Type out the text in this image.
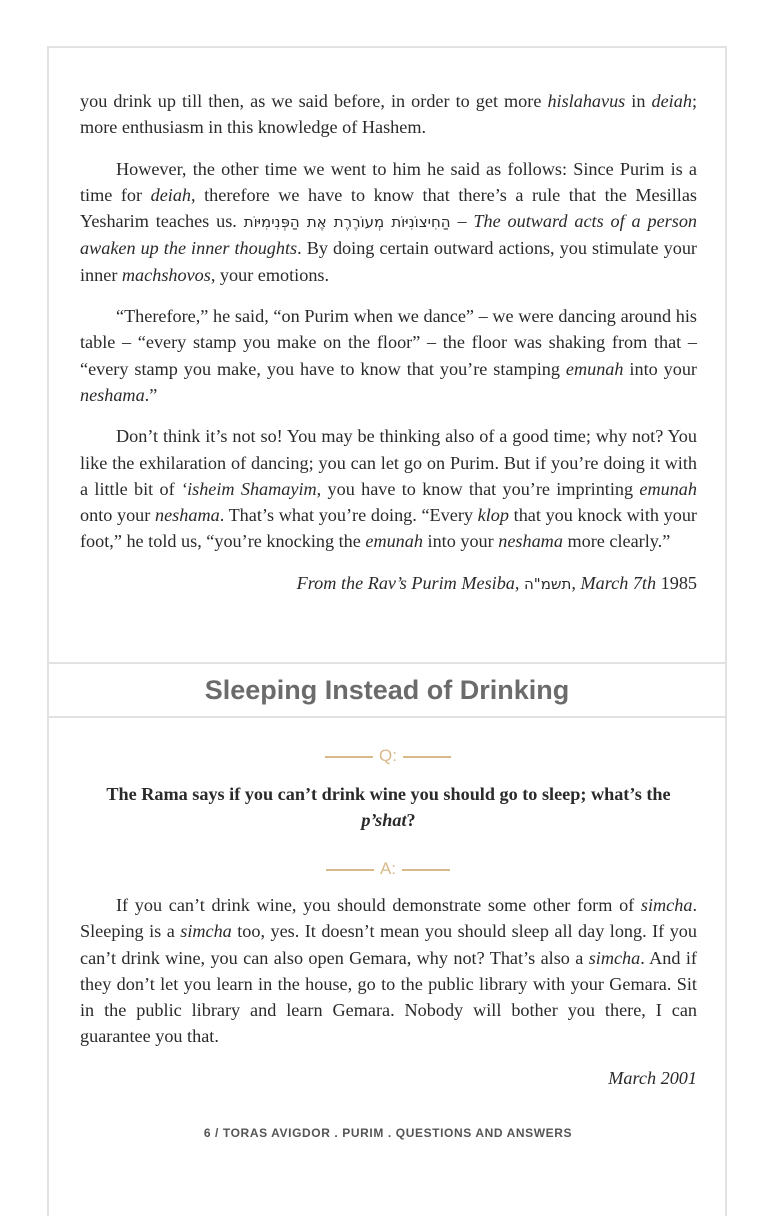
you drink up till then, as we said before, in order to get more hislahavus in deiah; more enthusiasm in this knowledge of Hashem.

However, the other time we went to him he said as follows: Since Purim is a time for deiah, therefore we have to know that there’s a rule that the Mesillas Yesharim teaches us. הַחִיצוֹנִיּוֹת מְעוֹרֶרֶת אֶת הַפְּנִימִיּוֹת – The outward acts of a person awaken up the inner thoughts. By doing certain outward actions, you stimulate your inner machshovos, your emotions.

“Therefore,” he said, “on Purim when we dance” – we were dancing around his table – “every stamp you make on the floor” – the floor was shaking from that – “every stamp you make, you have to know that you’re stamping emunah into your neshama.”

Don’t think it’s not so! You may be thinking also of a good time; why not? You like the exhilaration of dancing; you can let go on Purim. But if you’re doing it with a little bit of ‘isheim Shamayim, you have to know that you’re imprinting emunah onto your neshama. That’s what you’re doing. “Every klop that you knock with your foot,” he told us, “you’re knocking the emunah into your neshama more clearly.”

From the Rav’s Purim Mesiba, תשמ"ה, March 7th 1985

Sleeping Instead of Drinking
Q:
The Rama says if you can’t drink wine you should go to sleep; what’s the p’shat?
A:

If you can’t drink wine, you should demonstrate some other form of simcha. Sleeping is a simcha too, yes. It doesn’t mean you should sleep all day long. If you can’t drink wine, you can also open Gemara, why not? That’s also a simcha. And if they don’t let you learn in the house, go to the public library with your Gemara. Sit in the public library and learn Gemara. Nobody will bother you there, I can guarantee you that.

March 2001

6 / TORAS AVIGDOR . PURIM . QUESTIONS AND ANSWERS
